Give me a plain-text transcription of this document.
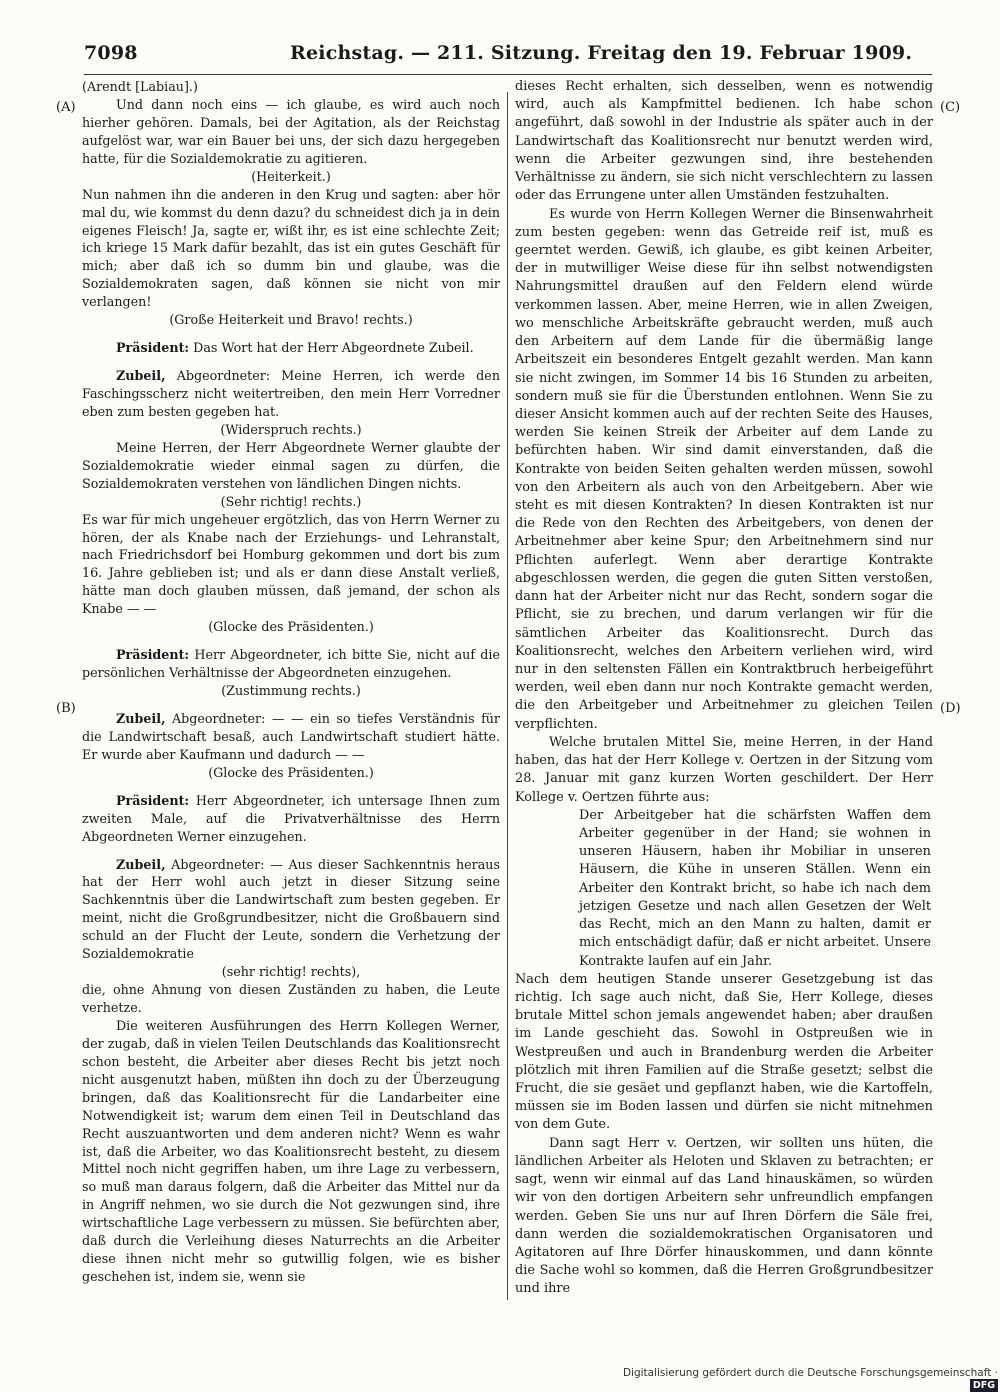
7098	Reichstag. — 211. Sitzung. Freitag den 19. Februar 1909.
(A)
(B)
(C)
(D)

(Arendt [Labiau].)

Und dann noch eins — ich glaube, es wird auch noch hierher gehören. Damals, bei der Agitation, als der Reichstag aufgelöst war, war ein Bauer bei uns, der sich dazu hergegeben hatte, für die Sozialdemokratie zu agitieren.

(Heiterkeit.)

Nun nahmen ihn die anderen in den Krug und sagten: aber hör mal du, wie kommst du denn dazu? du schneidest dich ja in dein eigenes Fleisch! Ja, sagte er, wißt ihr, es ist eine schlechte Zeit; ich kriege 15 Mark dafür bezahlt, das ist ein gutes Geschäft für mich; aber daß ich so dumm bin und glaube, was die Sozialdemokraten sagen, daß können sie nicht von mir verlangen!

(Große Heiterkeit und Bravo! rechts.)

Präsident: Das Wort hat der Herr Abgeordnete Zubeil.

Zubeil, Abgeordneter: Meine Herren, ich werde den Faschingsscherz nicht weitertreiben, den mein Herr Vorredner eben zum besten gegeben hat.

(Widerspruch rechts.)

Meine Herren, der Herr Abgeordnete Werner glaubte der Sozialdemokratie wieder einmal sagen zu dürfen, die Sozialdemokraten verstehen von ländlichen Dingen nichts.

(Sehr richtig! rechts.)

Es war für mich ungeheuer ergötzlich, das von Herrn Werner zu hören, der als Knabe nach der Erziehungs- und Lehranstalt, nach Friedrichsdorf bei Homburg gekommen und dort bis zum 16. Jahre geblieben ist; und als er dann diese Anstalt verließ, hätte man doch glauben müssen, daß jemand, der schon als Knabe — —

(Glocke des Präsidenten.)

Präsident: Herr Abgeordneter, ich bitte Sie, nicht auf die persönlichen Verhältnisse der Abgeordneten einzugehen.

(Zustimmung rechts.)

Zubeil, Abgeordneter: — — ein so tiefes Verständnis für die Landwirtschaft besaß, auch Landwirtschaft studiert hätte. Er wurde aber Kaufmann und dadurch — —

(Glocke des Präsidenten.)

Präsident: Herr Abgeordneter, ich untersage Ihnen zum zweiten Male, auf die Privatverhältnisse des Herrn Abgeordneten Werner einzugehen.

Zubeil, Abgeordneter: — Aus dieser Sachkenntnis heraus hat der Herr wohl auch jetzt in dieser Sitzung seine Sachkenntnis über die Landwirtschaft zum besten gegeben. Er meint, nicht die Großgrundbesitzer, nicht die Großbauern sind schuld an der Flucht der Leute, sondern die Verhetzung der Sozialdemokratie

(sehr richtig! rechts),

die, ohne Ahnung von diesen Zuständen zu haben, die Leute verhetze.

Die weiteren Ausführungen des Herrn Kollegen Werner, der zugab, daß in vielen Teilen Deutschlands das Koalitionsrecht schon besteht, die Arbeiter aber dieses Recht bis jetzt noch nicht ausgenutzt haben, müßten ihn doch zu der Überzeugung bringen, daß das Koalitionsrecht für die Landarbeiter eine Notwendigkeit ist; warum dem einen Teil in Deutschland das Recht auszuantworten und dem anderen nicht? Wenn es wahr ist, daß die Arbeiter, wo das Koalitionsrecht besteht, zu diesem Mittel noch nicht gegriffen haben, um ihre Lage zu verbessern, so muß man daraus folgern, daß die Arbeiter das Mittel nur da in Angriff nehmen, wo sie durch die Not gezwungen sind, ihre wirtschaftliche Lage verbessern zu müssen. Sie befürchten aber, daß durch die Verleihung dieses Naturrechts an die Arbeiter diese ihnen nicht mehr so gutwillig folgen, wie es bisher geschehen ist, indem sie, wenn sie

dieses Recht erhalten, sich desselben, wenn es notwendig wird, auch als Kampfmittel bedienen. Ich habe schon angeführt, daß sowohl in der Industrie als später auch in der Landwirtschaft das Koalitionsrecht nur benutzt werden wird, wenn die Arbeiter gezwungen sind, ihre bestehenden Verhältnisse zu ändern, sie sich nicht verschlechtern zu lassen oder das Errungene unter allen Umständen festzuhalten.

Es wurde von Herrn Kollegen Werner die Binsenwahrheit zum besten gegeben: wenn das Getreide reif ist, muß es geerntet werden. Gewiß, ich glaube, es gibt keinen Arbeiter, der in mutwilliger Weise diese für ihn selbst notwendigsten Nahrungsmittel draußen auf den Feldern elend würde verkommen lassen. Aber, meine Herren, wie in allen Zweigen, wo menschliche Arbeitskräfte gebraucht werden, muß auch den Arbeitern auf dem Lande für die übermäßig lange Arbeitszeit ein besonderes Entgelt gezahlt werden. Man kann sie nicht zwingen, im Sommer 14 bis 16 Stunden zu arbeiten, sondern muß sie für die Überstunden entlohnen. Wenn Sie zu dieser Ansicht kommen auch auf der rechten Seite des Hauses, werden Sie keinen Streik der Arbeiter auf dem Lande zu befürchten haben. Wir sind damit einverstanden, daß die Kontrakte von beiden Seiten gehalten werden müssen, sowohl von den Arbeitern als auch von den Arbeitgebern. Aber wie steht es mit diesen Kontrakten? In diesen Kontrakten ist nur die Rede von den Rechten des Arbeitgebers, von denen der Arbeitnehmer aber keine Spur; den Arbeitnehmern sind nur Pflichten auferlegt. Wenn aber derartige Kontrakte abgeschlossen werden, die gegen die guten Sitten verstoßen, dann hat der Arbeiter nicht nur das Recht, sondern sogar die Pflicht, sie zu brechen, und darum verlangen wir für die sämtlichen Arbeiter das Koalitionsrecht. Durch das Koalitionsrecht, welches den Arbeitern verliehen wird, wird nur in den seltensten Fällen ein Kontraktbruch herbeigeführt werden, weil eben dann nur noch Kontrakte gemacht werden, die den Arbeitgeber und Arbeitnehmer zu gleichen Teilen verpflichten.

Welche brutalen Mittel Sie, meine Herren, in der Hand haben, das hat der Herr Kollege v. Oertzen in der Sitzung vom 28. Januar mit ganz kurzen Worten geschildert. Der Herr Kollege v. Oertzen führte aus:

Der Arbeitgeber hat die schärfsten Waffen dem Arbeiter gegenüber in der Hand; sie wohnen in unseren Häusern, haben ihr Mobiliar in unseren Häusern, die Kühe in unseren Ställen. Wenn ein Arbeiter den Kontrakt bricht, so habe ich nach dem jetzigen Gesetze und nach allen Gesetzen der Welt das Recht, mich an den Mann zu halten, damit er mich entschädigt dafür, daß er nicht arbeitet. Unsere Kontrakte laufen auf ein Jahr.

Nach dem heutigen Stande unserer Gesetzgebung ist das richtig. Ich sage auch nicht, daß Sie, Herr Kollege, dieses brutale Mittel schon jemals angewendet haben; aber draußen im Lande geschieht das. Sowohl in Ostpreußen wie in Westpreußen und auch in Brandenburg werden die Arbeiter plötzlich mit ihren Familien auf die Straße gesetzt; selbst die Frucht, die sie gesäet und gepflanzt haben, wie die Kartoffeln, müssen sie im Boden lassen und dürfen sie nicht mitnehmen von dem Gute.

Dann sagt Herr v. Oertzen, wir sollten uns hüten, die ländlichen Arbeiter als Heloten und Sklaven zu betrachten; er sagt, wenn wir einmal auf das Land hinauskämen, so würden wir von den dortigen Arbeitern sehr unfreundlich empfangen werden. Geben Sie uns nur auf Ihren Dörfern die Säle frei, dann werden die sozialdemokratischen Organisatoren und Agitatoren auf Ihre Dörfer hinauskommen, und dann könnte die Sache wohl so kommen, daß die Herren Großgrundbesitzer und ihre

Digitalisierung gefördert durch die Deutsche Forschungsgemeinschaft ·DFG
